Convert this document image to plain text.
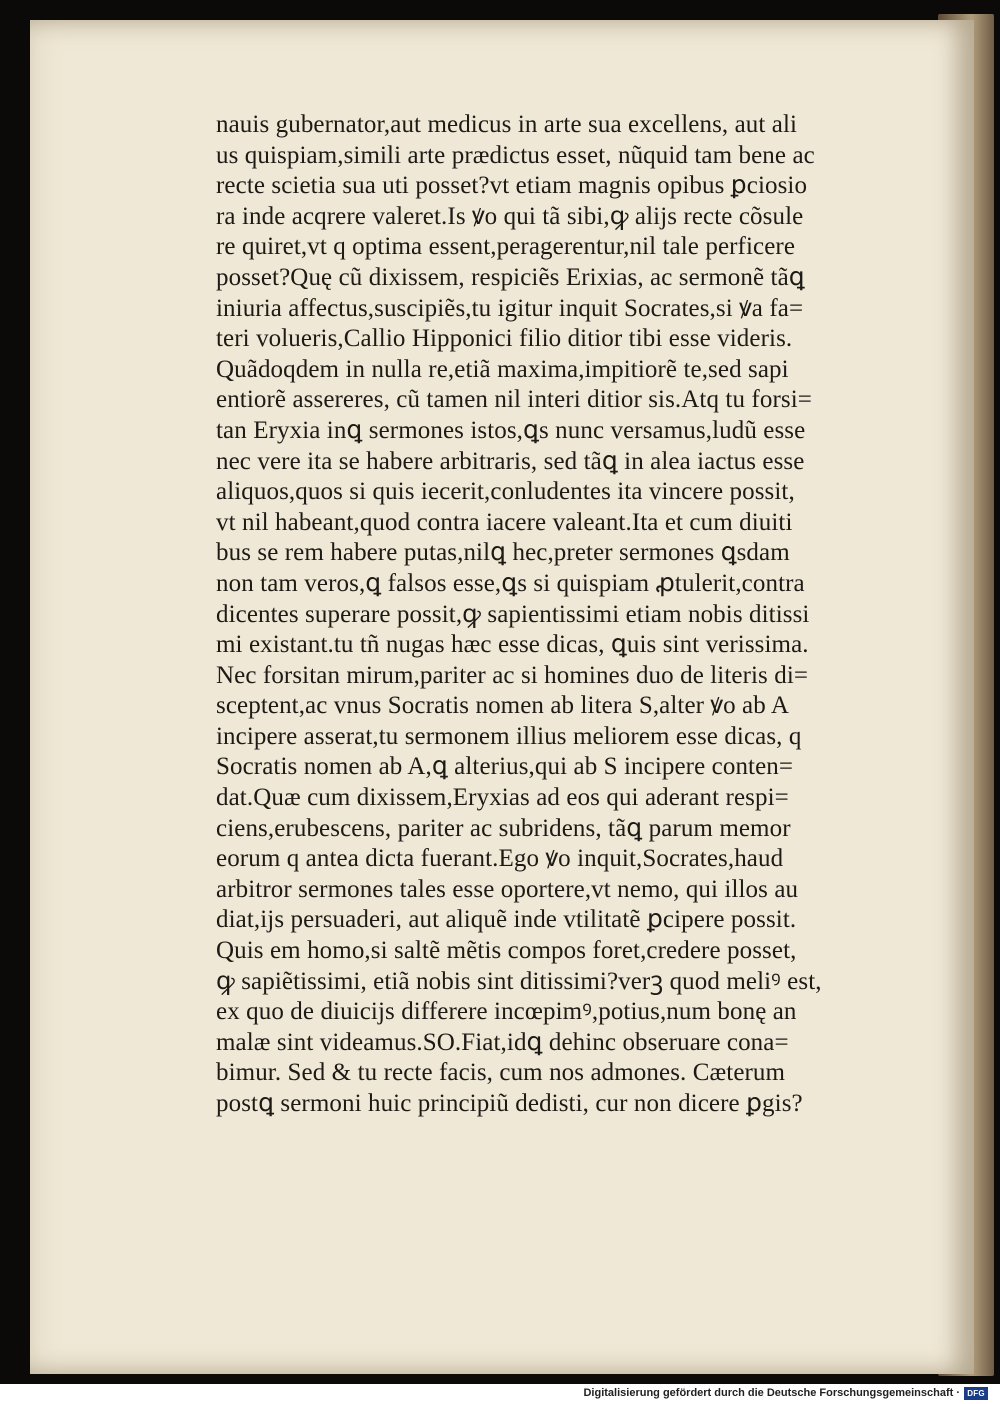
nauis gubernator,aut medicus in arte sua excellens, aut ali
us quispiam,simili arte prædictus esset, nũquid tam bene ac
recte scietia sua uti posset?vt etiam magnis opibus ꝑciosio
ra inde acqrere valeret.Is ꝟo qui tã sibi,ꝙ alijs recte cõsule
re quiret,vt q optima essent,peragerentur,nil tale perficere
posset?Quę cũ dixissem, respiciẽs Erixias, ac sermonẽ tãꝗ
iniuria affectus,suscipiẽs,tu igitur inquit Socrates,si ꝟa fa=
teri volueris,Callio Hipponici filio ditior tibi esse videris.
Quãdoqdem in nulla re,etiã maxima,impitiorẽ te,sed sapi
entiorẽ assereres, cũ tamen nil interi ditior sis.Atq tu forsi=
tan Eryxia inꝗ sermones istos,ꝗs nunc versamus,ludũ esse
nec vere ita se habere arbitraris, sed tãꝗ in alea iactus esse
aliquos,quos si quis iecerit,conludentes ita vincere possit,
vt nil habeant,quod contra iacere valeant.Ita et cum diuiti
bus se rem habere putas,nilꝗ hec,preter sermones ꝗsdam
non tam veros,ꝗ falsos esse,ꝗs si quispiam ꝓtulerit,contra
dicentes superare possit,ꝙ sapientissimi etiam nobis ditissi
mi existant.tu tñ nugas hæc esse dicas, ꝗuis sint verissima.
Nec forsitan mirum,pariter ac si homines duo de literis di=
sceptent,ac vnus Socratis nomen ab litera S,alter ꝟo ab A
incipere asserat,tu sermonem illius meliorem esse dicas, q
Socratis nomen ab A,ꝗ alterius,qui ab S incipere conten=
dat.Quæ cum dixissem,Eryxias ad eos qui aderant respi=
ciens,erubescens, pariter ac subridens, tãꝗ parum memor
eorum q antea dicta fuerant.Ego ꝟo inquit,Socrates,haud
arbitror sermones tales esse oportere,vt nemo, qui illos au
diat,ijs persuaderi, aut aliquẽ inde vtilitatẽ ꝑcipere possit.
Quis em homo,si saltẽ mẽtis compos foret,credere posset,
ꝙ sapiẽtissimi, etiã nobis sint ditissimi?verꝫ quod meliꝰ est,
ex quo de diuicijs differere incœpimꝰ,potius,num bonę an
malæ sint videamus.SO.Fiat,idꝗ dehinc obseruare cona=
bimur. Sed & tu recte facis, cum nos admones. Cæterum
postꝗ sermoni huic principiũ dedisti, cur non dicere ꝑgis?
Digitalisierung gefördert durch die Deutsche Forschungsgemeinschaft · DFG
